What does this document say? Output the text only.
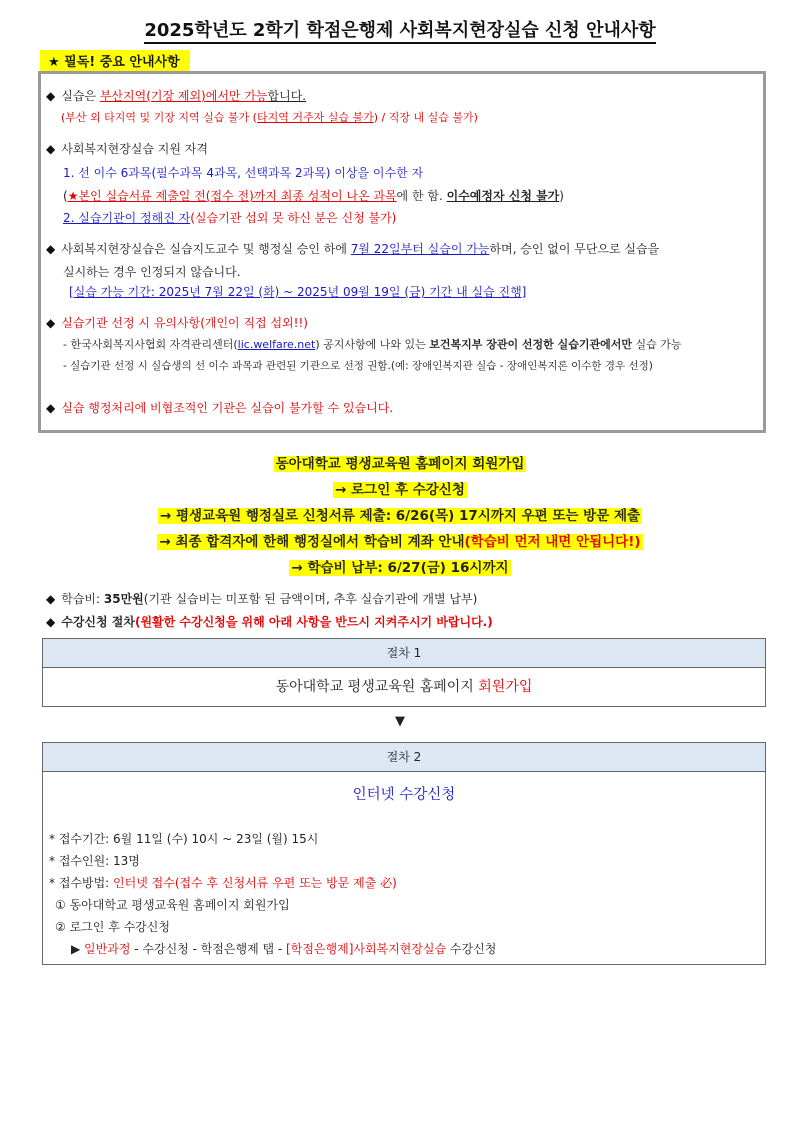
2025학년도 2학기 학점은행제 사회복지현장실습 신청 안내사항
★ 필독! 중요 안내사항
◆ 실습은 부산지역(기장 제외)에서만 가능합니다.
(부산 외 타지역 및 기장 지역 실습 불가 (타지역 거주자 실습 불가) / 직장 내 실습 불가)
◆ 사회복지현장실습 지원 자격
1. 선 이수 6과목(필수과목 4과목, 선택과목 2과목) 이상을 이수한 자
(★본인 실습서류 제출일 전(접수 전)까지 최종 성적이 나온 과목에 한 함. 이수예정자 신청 불가)
2. 실습기관이 정해진 자(실습기관 섭외 못 하신 분은 신청 불가)
◆ 사회복지현장실습은 실습지도교수 및 행정실 승인 하에 7월 22일부터 실습이 가능하며, 승인 없이 무단으로 실습을
실시하는 경우 인정되지 않습니다.
[실습 가능 기간: 2025년 7월 22일 (화) ~ 2025년 09월 19일 (금) 기간 내 실습 진행]
◆ 실습기관 선정 시 유의사항(개인이 직접 섭외!!)
- 한국사회복지사협회 자격관리센터(lic.welfare.net) 공지사항에 나와 있는 보건복지부 장관이 선정한 실습기관에서만 실습 가능
- 실습기관 선정 시 실습생의 선 이수 과목과 관련된 기관으로 선정 권함.(예: 장애인복지관 실습 - 장애인복지론 이수한 경우 선정)
◆ 실습 행정처리에 비협조적인 기관은 실습이 불가할 수 있습니다.
동아대학교 평생교육원 홈페이지 회원가입
→ 로그인 후 수강신청
→ 평생교육원 행정실로 신청서류 제출: 6/26(목) 17시까지 우편 또는 방문 제출
→ 최종 합격자에 한해 행정실에서 학습비 계좌 안내(학습비 먼저 내면 안됩니다!)
→ 학습비 납부: 6/27(금) 16시까지
◆ 학습비: 35만원(기관 실습비는 미포함 된 금액이며, 추후 실습기관에 개별 납부)
◆ 수강신청 절차(원활한 수강신청을 위해 아래 사항을 반드시 지켜주시기 바랍니다.)
절차 1
동아대학교 평생교육원 홈페이지 회원가입
▼
절차 2
인터넷 수강신청
* 접수기간: 6월 11일 (수) 10시 ~ 23일 (월) 15시
* 접수인원: 13명
* 접수방법: 인터넷 접수(접수 후 신청서류 우편 또는 방문 제출 必)
① 동아대학교 평생교육원 홈페이지 회원가입
② 로그인 후 수강신청
▶ 일반과정 - 수강신청 - 학점은행제 탭 - [학점은행제]사회복지현장실습 수강신청
